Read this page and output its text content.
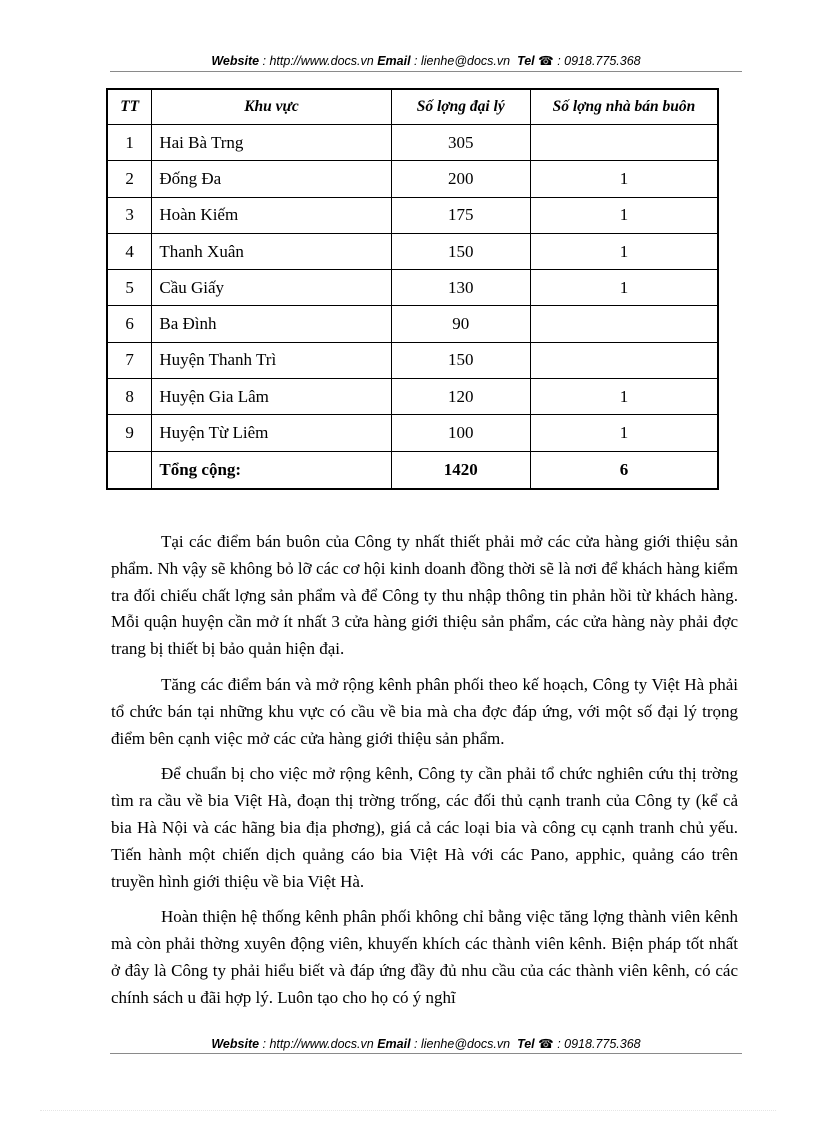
Website : http://www.docs.vn Email : lienhe@docs.vn Tel ☎ : 0918.775.368
TT	Khu vực	Số lợng đại lý	Số lợng nhà bán buôn
1	Hai Bà Trng	305	
2	Đống Đa	200	1
3	Hoàn Kiếm	175	1
4	Thanh Xuân	150	1
5	Cầu Giấy	130	1
6	Ba Đình	90	
7	Huyện Thanh Trì	150	
8	Huyện Gia Lâm	120	1
9	Huyện Từ Liêm	100	1
	Tổng cộng:	1420	6

Tại các điểm bán buôn của Công ty nhất thiết phải mở các cửa hàng giới thiệu sản phẩm. Nh vậy sẽ không bỏ lỡ các cơ hội kinh doanh đồng thời sẽ là nơi để khách hàng kiểm tra đối chiếu chất lợng sản phẩm và để Công ty thu nhập thông tin phản hồi từ khách hàng. Mỗi quận huyện cần mở ít nhất 3 cửa hàng giới thiệu sản phẩm, các cửa hàng này phải đợc trang bị thiết bị bảo quản hiện đại.

Tăng các điểm bán và mở rộng kênh phân phối theo kế hoạch, Công ty Việt Hà phải tổ chức bán tại những khu vực có cầu về bia mà cha đợc đáp ứng, với một số đại lý trọng điểm bên cạnh việc mở các cửa hàng giới thiệu sản phẩm.

Để chuẩn bị cho việc mở rộng kênh, Công ty cần phải tổ chức nghiên cứu thị trờng tìm ra cầu về bia Việt Hà, đoạn thị trờng trống, các đối thủ cạnh tranh của Công ty (kể cả bia Hà Nội và các hãng bia địa phơng), giá cả các loại bia và công cụ cạnh tranh chủ yếu. Tiến hành một chiến dịch quảng cáo bia Việt Hà với các Pano, apphic, quảng cáo trên truyền hình giới thiệu về bia Việt Hà.

Hoàn thiện hệ thống kênh phân phối không chỉ bằng việc tăng lợng thành viên kênh mà còn phải thờng xuyên động viên, khuyến khích các thành viên kênh. Biện pháp tốt nhất ở đây là Công ty phải hiểu biết và đáp ứng đầy đủ nhu cầu của các thành viên kênh, có các chính sách u đãi hợp lý. Luôn tạo cho họ có ý nghĩ

Website : http://www.docs.vn Email : lienhe@docs.vn Tel ☎ : 0918.775.368
